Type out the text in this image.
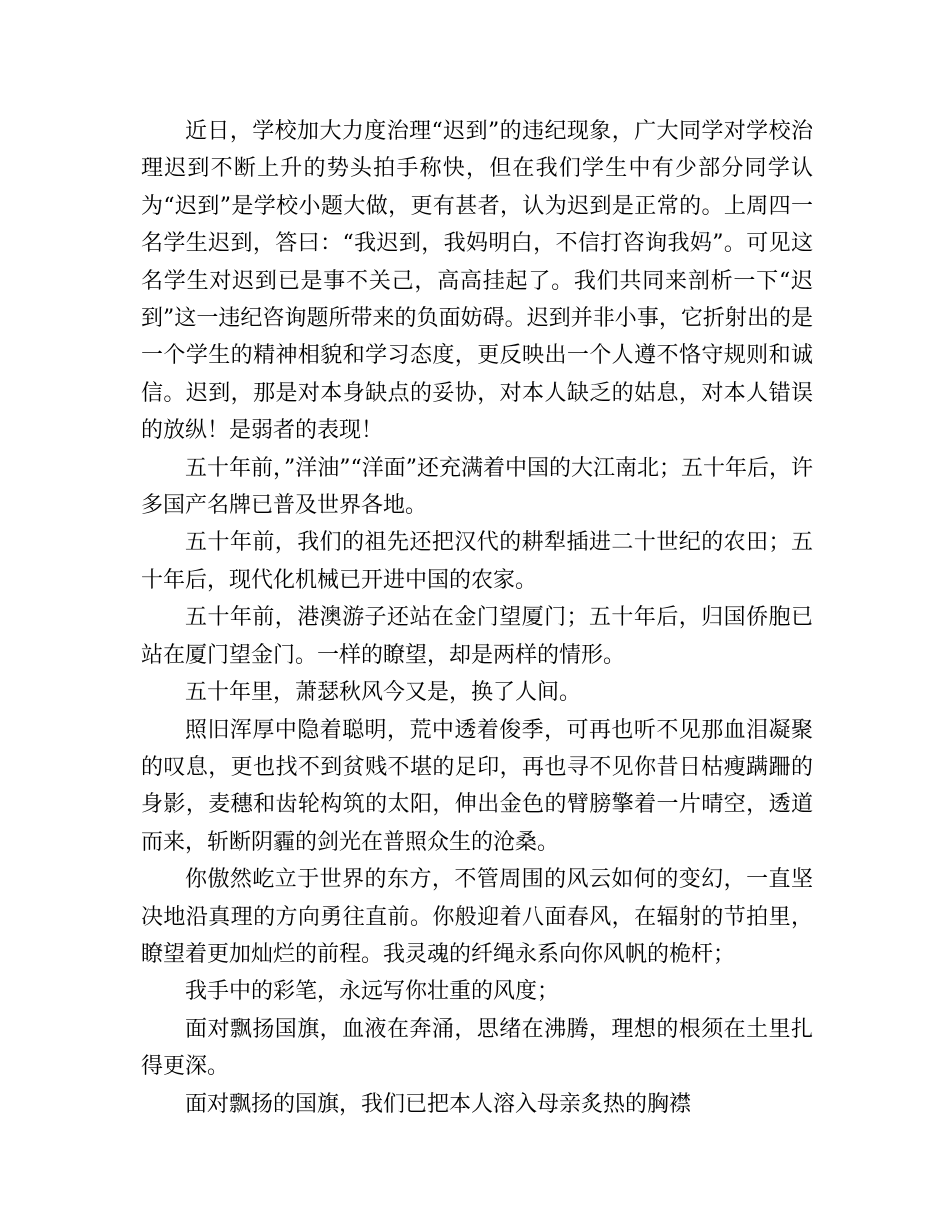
近日，学校加大力度治理“迟到”的违纪现象，广大同学对学校治理迟到不断上升的势头拍手称快，但在我们学生中有少部分同学认为“迟到”是学校小题大做，更有甚者，认为迟到是正常的。上周四一名学生迟到，答曰：“我迟到，我妈明白，不信打咨询我妈”。可见这名学生对迟到已是事不关己，高高挂起了。我们共同来剖析一下“迟到”这一违纪咨询题所带来的负面妨碍。迟到并非小事，它折射出的是一个学生的精神相貌和学习态度，更反映出一个人遵不恪守规则和诚信。迟到，那是对本身缺点的妥协，对本人缺乏的姑息，对本人错误的放纵！是弱者的表现！

五十年前，”洋油”“洋面”还充满着中国的大江南北；五十年后，许多国产名牌已普及世界各地。

五十年前，我们的祖先还把汉代的耕犁插进二十世纪的农田；五十年后，现代化机械已开进中国的农家。

五十年前，港澳游子还站在金门望厦门；五十年后，归国侨胞已站在厦门望金门。一样的瞭望，却是两样的情形。

五十年里，萧瑟秋风今又是，换了人间。

照旧浑厚中隐着聪明，荒中透着俊季，可再也听不见那血泪凝聚的叹息，更也找不到贫贱不堪的足印，再也寻不见你昔日枯瘦蹒跚的身影，麦穗和齿轮构筑的太阳，伸出金色的臂膀擎着一片晴空，透道而来，斩断阴霾的剑光在普照众生的沧桑。

你傲然屹立于世界的东方，不管周围的风云如何的变幻，一直坚决地沿真理的方向勇往直前。你般迎着八面春风，在辐射的节拍里，瞭望着更加灿烂的前程。我灵魂的纤绳永系向你风帆的桅杆；

我手中的彩笔，永远写你壮重的风度；

面对飘扬国旗，血液在奔涌，思绪在沸腾，理想的根须在土里扎得更深。

面对飘扬的国旗，我们已把本人溶入母亲炙热的胸襟
